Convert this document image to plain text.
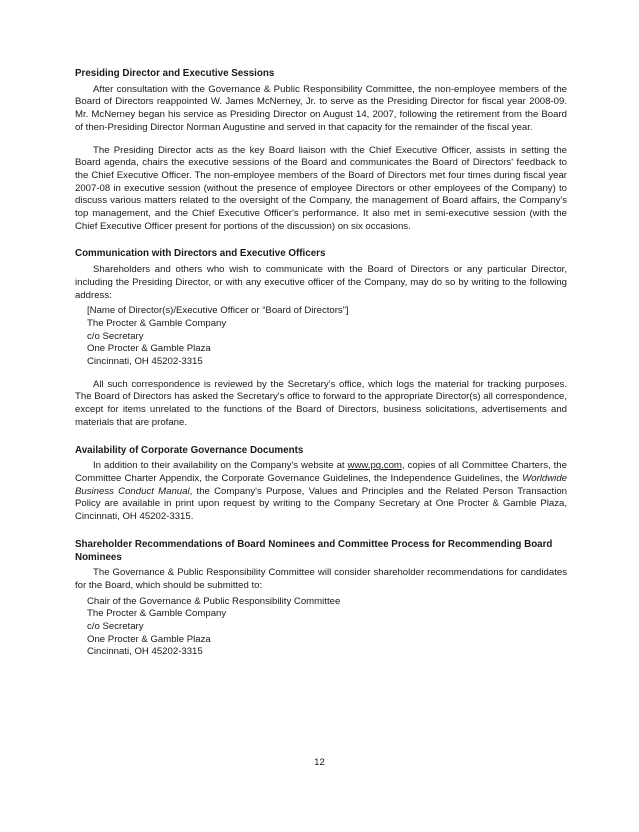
Presiding Director and Executive Sessions

After consultation with the Governance & Public Responsibility Committee, the non-employee members of the Board of Directors reappointed W. James McNerney, Jr. to serve as the Presiding Director for fiscal year 2008-09. Mr. McNerney began his service as Presiding Director on August 14, 2007, following the retirement from the Board of then-Presiding Director Norman Augustine and served in that capacity for the remainder of the fiscal year.

The Presiding Director acts as the key Board liaison with the Chief Executive Officer, assists in setting the Board agenda, chairs the executive sessions of the Board and communicates the Board of Directors' feedback to the Chief Executive Officer. The non-employee members of the Board of Directors met four times during fiscal year 2007-08 in executive session (without the presence of employee Directors or other employees of the Company) to discuss various matters related to the oversight of the Company, the management of Board affairs, the Company's top management, and the Chief Executive Officer's performance. It also met in semi-executive session (with the Chief Executive Officer present for portions of the discussion) on six occasions.

Communication with Directors and Executive Officers

Shareholders and others who wish to communicate with the Board of Directors or any particular Director, including the Presiding Director, or with any executive officer of the Company, may do so by writing to the following address:

[Name of Director(s)/Executive Officer or “Board of Directors”]
The Procter & Gamble Company
c/o Secretary
One Procter & Gamble Plaza
Cincinnati, OH 45202-3315

All such correspondence is reviewed by the Secretary's office, which logs the material for tracking purposes. The Board of Directors has asked the Secretary's office to forward to the appropriate Director(s) all correspondence, except for items unrelated to the functions of the Board of Directors, business solicitations, advertisements and materials that are profane.

Availability of Corporate Governance Documents

In addition to their availability on the Company's website at www.pg.com, copies of all Committee Charters, the Committee Charter Appendix, the Corporate Governance Guidelines, the Independence Guidelines, the Worldwide Business Conduct Manual, the Company's Purpose, Values and Principles and the Related Person Transaction Policy are available in print upon request by writing to the Company Secretary at One Procter & Gamble Plaza, Cincinnati, OH 45202-3315.

Shareholder Recommendations of Board Nominees and Committee Process for Recommending Board Nominees

The Governance & Public Responsibility Committee will consider shareholder recommendations for candidates for the Board, which should be submitted to:

Chair of the Governance & Public Responsibility Committee
The Procter & Gamble Company
c/o Secretary
One Procter & Gamble Plaza
Cincinnati, OH 45202-3315
12
